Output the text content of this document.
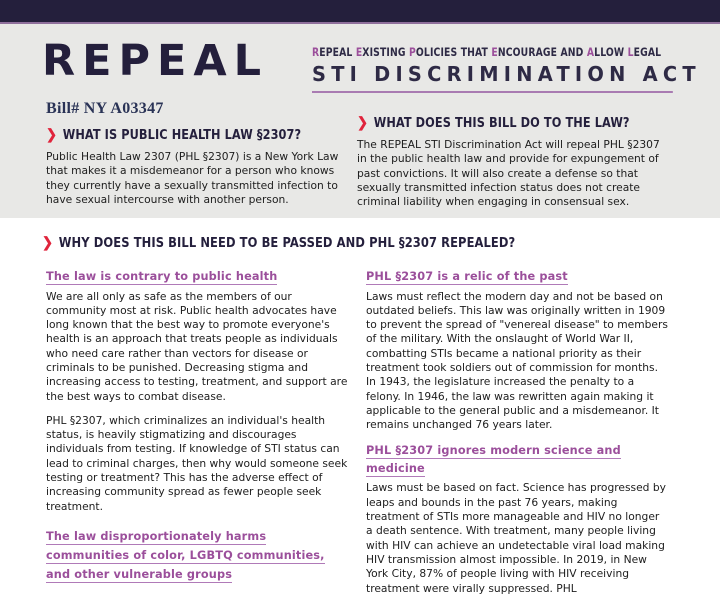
REPEAL	REPEAL EXISTING POLICIES THAT ENCOURAGE AND ALLOW LEGAL
STI DISCRIMINATION ACT
Bill# NY A03347
❯ WHAT IS PUBLIC HEALTH LAW §2307?

Public Health Law 2307 (PHL §2307) is a New York Law that makes it a misdemeanor for a person who knows they currently have a sexually transmitted infection to have sexual intercourse with another person.

❯ WHAT DOES THIS BILL DO TO THE LAW?

The REPEAL STI Discrimination Act will repeal PHL §2307 in the public health law and provide for expungement of past convictions. It will also create a defense so that sexually transmitted infection status does not create criminal liability when engaging in consensual sex.

❯ WHY DOES THIS BILL NEED TO BE PASSED AND PHL §2307 REPEALED?
The law is contrary to public health

We are all only as safe as the members of our community most at risk. Public health advocates have long known that the best way to promote everyone's health is an approach that treats people as individuals who need care rather than vectors for disease or criminals to be punished. Decreasing stigma and increasing access to testing, treatment, and support are the best ways to combat disease.

PHL §2307, which criminalizes an individual's health status, is heavily stigmatizing and discourages individuals from testing. If knowledge of STI status can lead to criminal charges, then why would someone seek testing or treatment? This has the adverse effect of increasing community spread as fewer people seek treatment.

The law disproportionately harms communities of color, LGBTQ communities, and other vulnerable groups
PHL §2307 is a relic of the past

Laws must reflect the modern day and not be based on outdated beliefs. This law was originally written in 1909 to prevent the spread of "venereal disease" to members of the military. With the onslaught of World War II, combatting STIs became a national priority as their treatment took soldiers out of commission for months. In 1943, the legislature increased the penalty to a felony. In 1946, the law was rewritten again making it applicable to the general public and a misdemeanor. It remains unchanged 76 years later.

PHL §2307 ignores modern science and medicine

Laws must be based on fact. Science has progressed by leaps and bounds in the past 76 years, making treatment of STIs more manageable and HIV no longer a death sentence. With treatment, many people living with HIV can achieve an undetectable viral load making HIV transmission almost impossible. In 2019, in New York City, 87% of people living with HIV receiving treatment were virally suppressed. PHL
